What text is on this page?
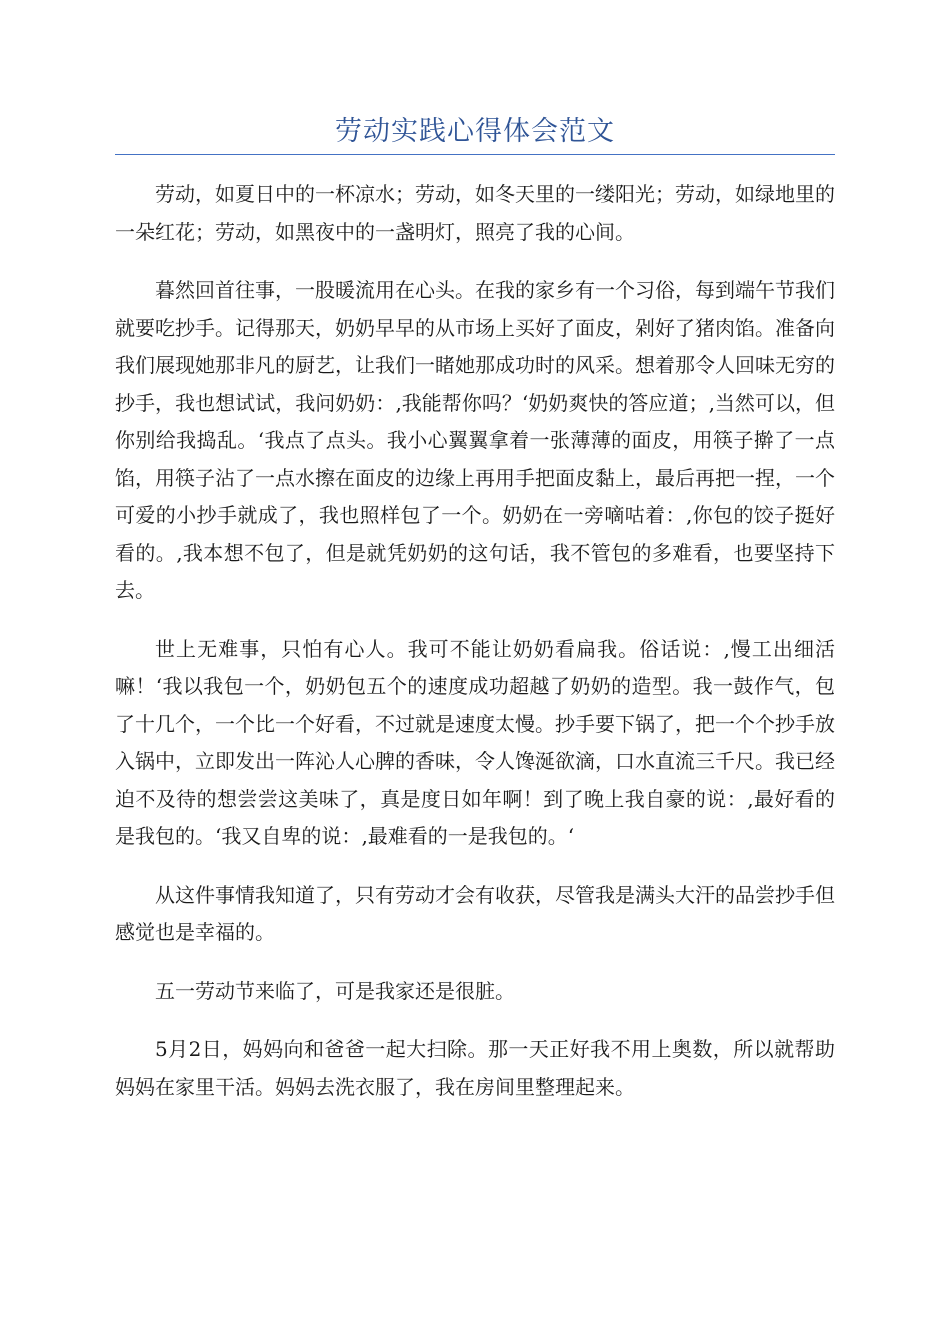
劳动实践心得体会范文

劳动，如夏日中的一杯凉水；劳动，如冬天里的一缕阳光；劳动，如绿地里的一朵红花；劳动，如黑夜中的一盏明灯，照亮了我的心间。

暮然回首往事，一股暖流用在心头。在我的家乡有一个习俗，每到端午节我们就要吃抄手。记得那天，奶奶早早的从市场上买好了面皮，剁好了猪肉馅。准备向我们展现她那非凡的厨艺，让我们一睹她那成功时的风采。想着那令人回味无穷的抄手，我也想试试，我问奶奶：‚我能帮你吗？‘奶奶爽快的答应道；‚当然可以，但你别给我捣乱。‘我点了点头。我小心翼翼拿着一张薄薄的面皮，用筷子擀了一点馅，用筷子沾了一点水擦在面皮的边缘上再用手把面皮黏上，最后再把一捏，一个可爱的小抄手就成了，我也照样包了一个。奶奶在一旁嘀咕着：‚你包的饺子挺好看的。‚我本想不包了，但是就凭奶奶的这句话，我不管包的多难看，也要坚持下去。

世上无难事，只怕有心人。我可不能让奶奶看扁我。俗话说：‚慢工出细活嘛！‘我以我包一个，奶奶包五个的速度成功超越了奶奶的造型。我一鼓作气，包了十几个，一个比一个好看，不过就是速度太慢。抄手要下锅了，把一个个抄手放入锅中，立即发出一阵沁人心脾的香味，令人馋涎欲滴，口水直流三千尺。我已经迫不及待的想尝尝这美味了，真是度日如年啊！到了晚上我自豪的说：‚最好看的是我包的。‘我又自卑的说：‚最难看的一是我包的。‘

从这件事情我知道了，只有劳动才会有收获，尽管我是满头大汗的品尝抄手但感觉也是幸福的。

五一劳动节来临了，可是我家还是很脏。

5月2日，妈妈向和爸爸一起大扫除。那一天正好我不用上奥数，所以就帮助妈妈在家里干活。妈妈去洗衣服了，我在房间里整理起来。
